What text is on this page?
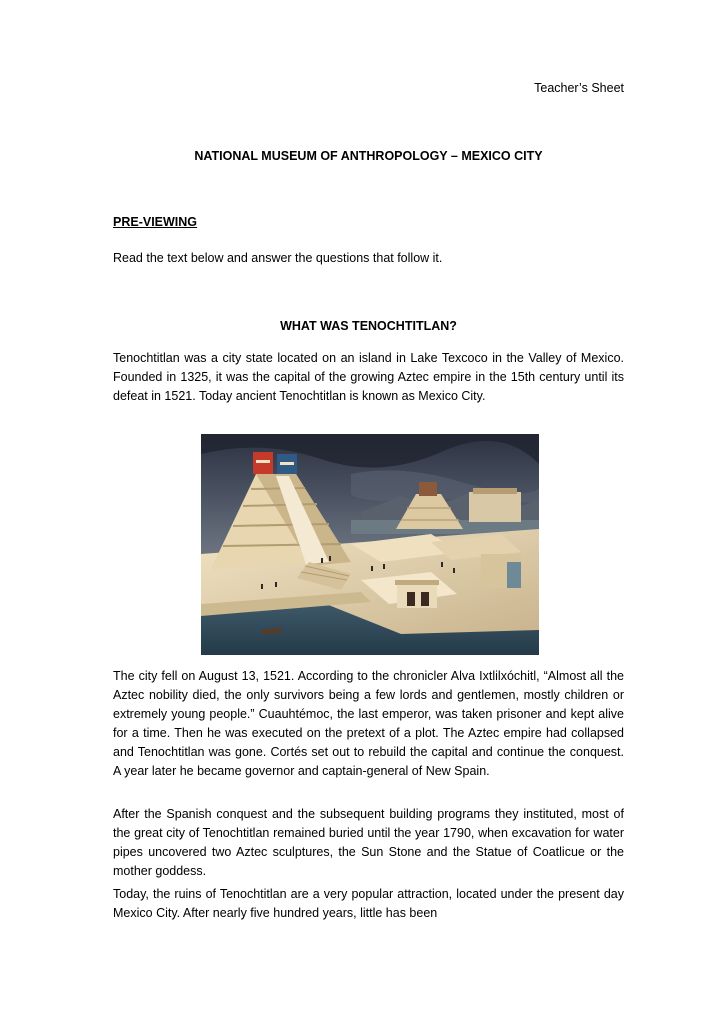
Teacher’s Sheet
NATIONAL MUSEUM OF ANTHROPOLOGY – MEXICO CITY
PRE-VIEWING
Read the text below and answer the questions that follow it.
WHAT WAS TENOCHTITLAN?

Tenochtitlan was a city state located on an island in Lake Texcoco in the Valley of Mexico. Founded in 1325, it was the capital of the growing Aztec empire in the 15th century until its defeat in 1521. Today ancient Tenochtitlan is known as Mexico City.

The city fell on August 13, 1521. According to the chronicler Alva Ixtlilxóchitl, “Almost all the Aztec nobility died, the only survivors being a few lords and gentlemen, mostly children or extremely young people.” Cuauhtémoc, the last emperor, was taken prisoner and kept alive for a time. Then he was executed on the pretext of a plot. The Aztec empire had collapsed and Tenochtitlan was gone. Cortés set out to rebuild the capital and continue the conquest. A year later he became governor and captain-general of New Spain.

After the Spanish conquest and the subsequent building programs they instituted, most of the great city of Tenochtitlan remained buried until the year 1790, when excavation for water pipes uncovered two Aztec sculptures, the Sun Stone and the Statue of Coatlicue or the mother goddess.

Today, the ruins of Tenochtitlan are a very popular attraction, located under the present day Mexico City. After nearly five hundred years, little has been
